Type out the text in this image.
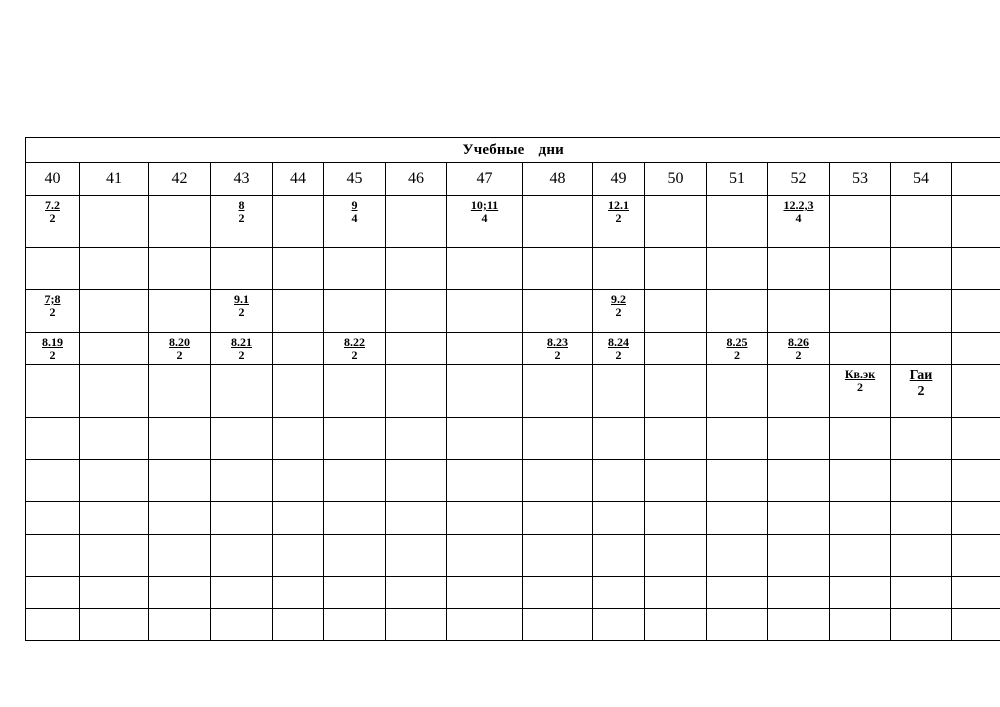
Учебные дни															
40	41	42	43	44	45	46	47	48	49	50	51	52	53	54	

$\frac{7.2}{2}$			$\frac{8}{2}$		$\frac{9}{4}$		$\frac{10;11}{4}$		$\frac{12.1}{2}$			$\frac{12.2,3}{4}$

$\frac{7;8}{2}$			$\frac{9.1}{2}$						$\frac{9.2}{2}$

$\frac{8.19}{2}$		$\frac{8.20}{2}$	$\frac{8.21}{2}$		$\frac{8.22}{2}$			$\frac{8.23}{2}$	$\frac{8.24}{2}$		$\frac{8.25}{2}$	$\frac{8.26}{2}$

													$\frac{Кв.эк}{2}$	$\frac{\text{Гаи}}{2}$
